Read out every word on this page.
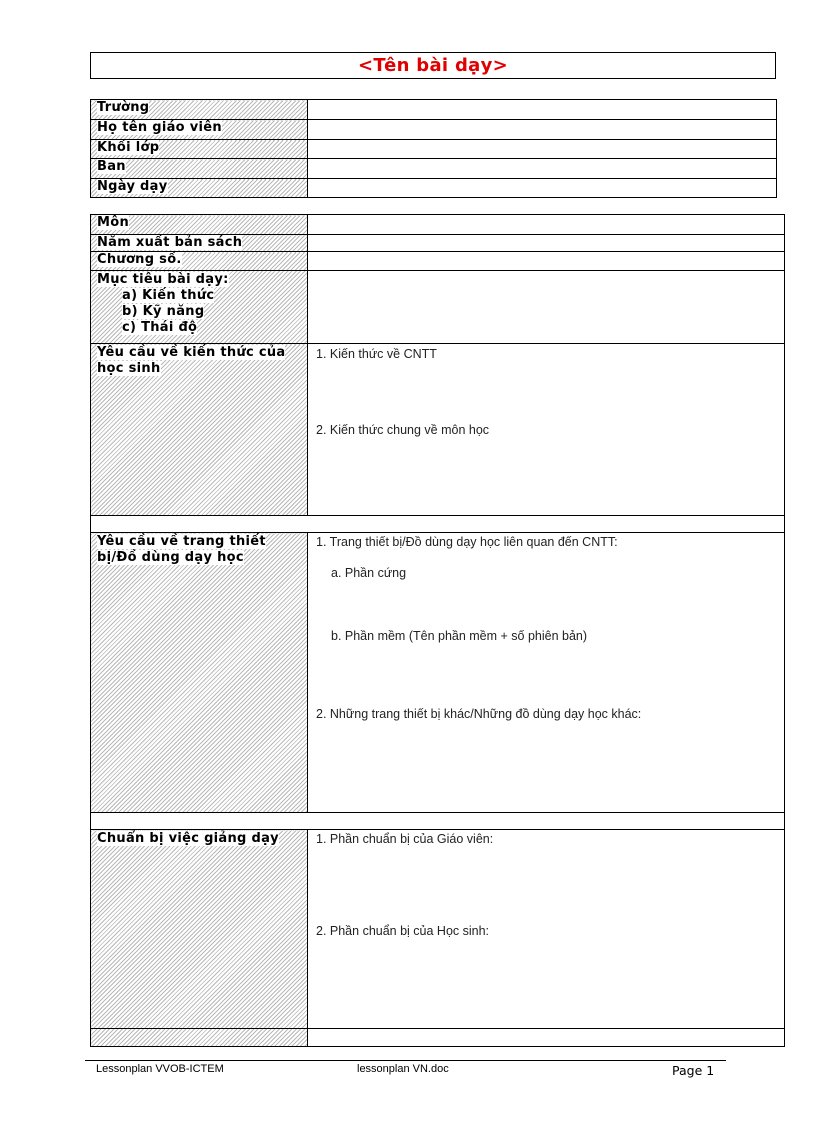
<Tên bài dạy>
Trường	
Họ tên giáo viên	
Khối lớp	
Ban	
Ngày dạy	
Môn	
Năm xuất bản sách	
Chương số.	
Mục tiêu bài dạy:
a) Kiến thức
b) Kỹ năng
c) Thái độ	

Yêu cầu về kiến thức của học sinh	1. Kiến thức về CNTT
2. Kiến thức chung về môn học

Yêu cầu về trang thiết bị/Đồ dùng dạy học	1. Trang thiết bị/Đồ dùng dạy học liên quan đến CNTT:
a. Phần cứng
b. Phần mềm (Tên phần mềm + số phiên bản)
2. Những trang thiết bị khác/Những đồ dùng dạy học khác:

Chuẩn bị việc giảng dạy	1. Phần chuẩn bị của Giáo viên:
2. Phần chuẩn bị của Học sinh:

Lessonplan VVOB-ICTEM	lessonplan VN.doc	Page 1
